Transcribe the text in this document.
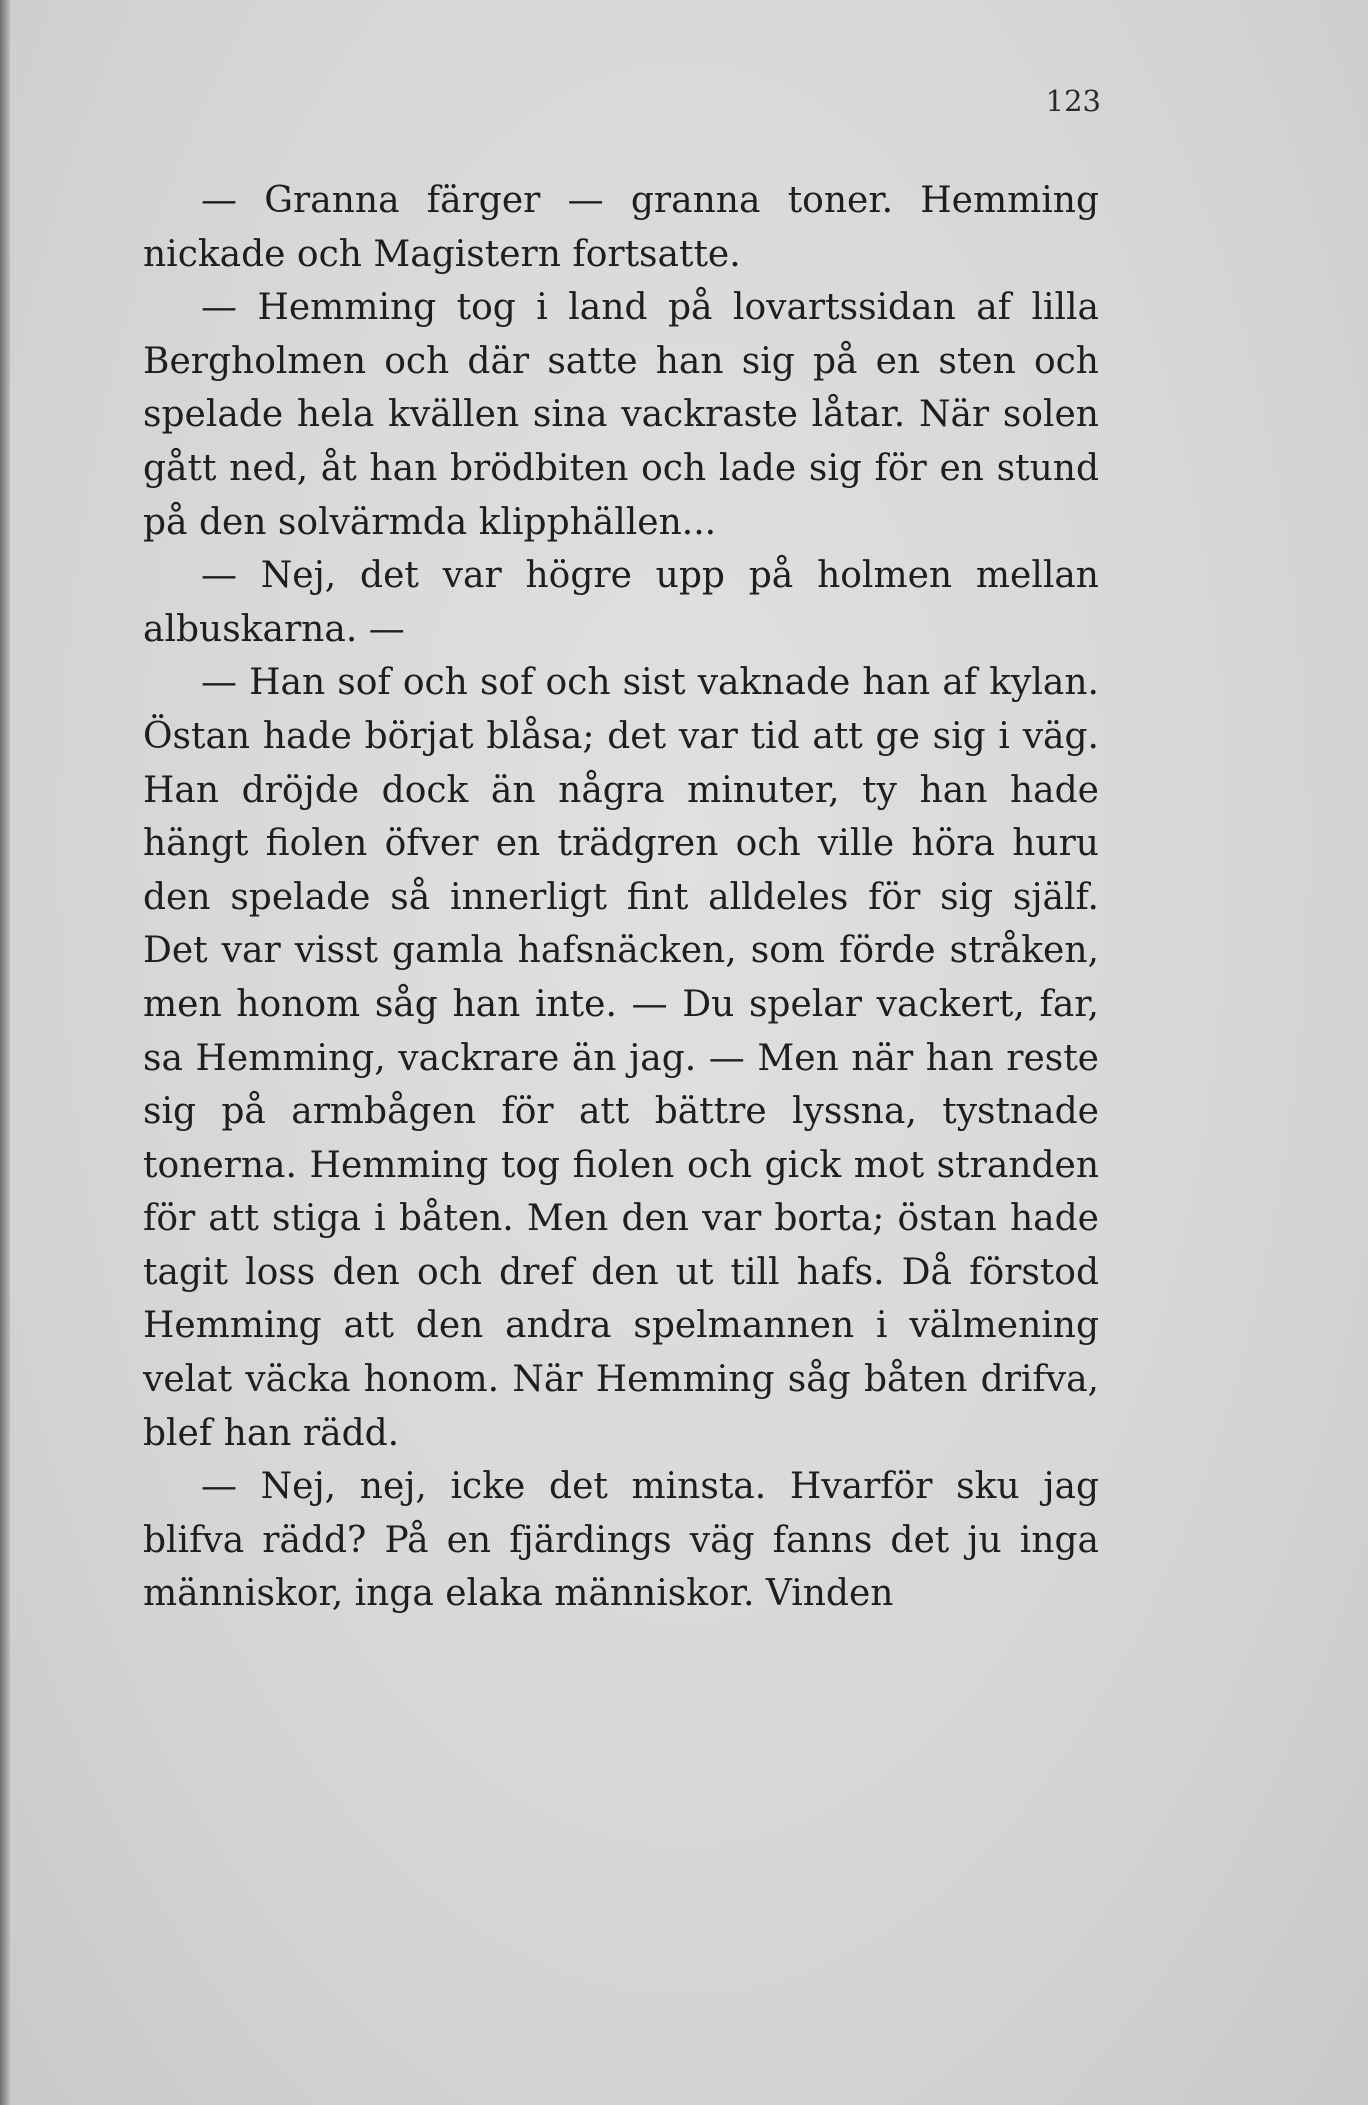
123

— Granna färger — granna toner. Hemming nickade och Magistern fortsatte.

— Hemming tog i land på lovartssidan af lilla Bergholmen och där satte han sig på en sten och spelade hela kvällen sina vackraste låtar. När solen gått ned, åt han brödbiten och lade sig för en stund på den solvärmda klipphällen...

— Nej, det var högre upp på holmen mellan albuskarna. —

— Han sof och sof och sist vaknade han af kylan. Östan hade börjat blåsa; det var tid att ge sig i väg. Han dröjde dock än några minuter, ty han hade hängt fiolen öfver en trädgren och ville höra huru den spelade så innerligt fint alldeles för sig själf. Det var visst gamla hafsnäcken, som förde stråken, men honom såg han inte. — Du spelar vackert, far, sa Hemming, vackrare än jag. — Men när han reste sig på armbågen för att bättre lyssna, tystnade tonerna. Hemming tog fiolen och gick mot stranden för att stiga i båten. Men den var borta; östan hade tagit loss den och dref den ut till hafs. Då förstod Hemming att den andra spelmannen i välmening velat väcka honom. När Hemming såg båten drifva, blef han rädd.

— Nej, nej, icke det minsta. Hvarför sku jag blifva rädd? På en fjärdings väg fanns det ju inga människor, inga elaka människor. Vinden
